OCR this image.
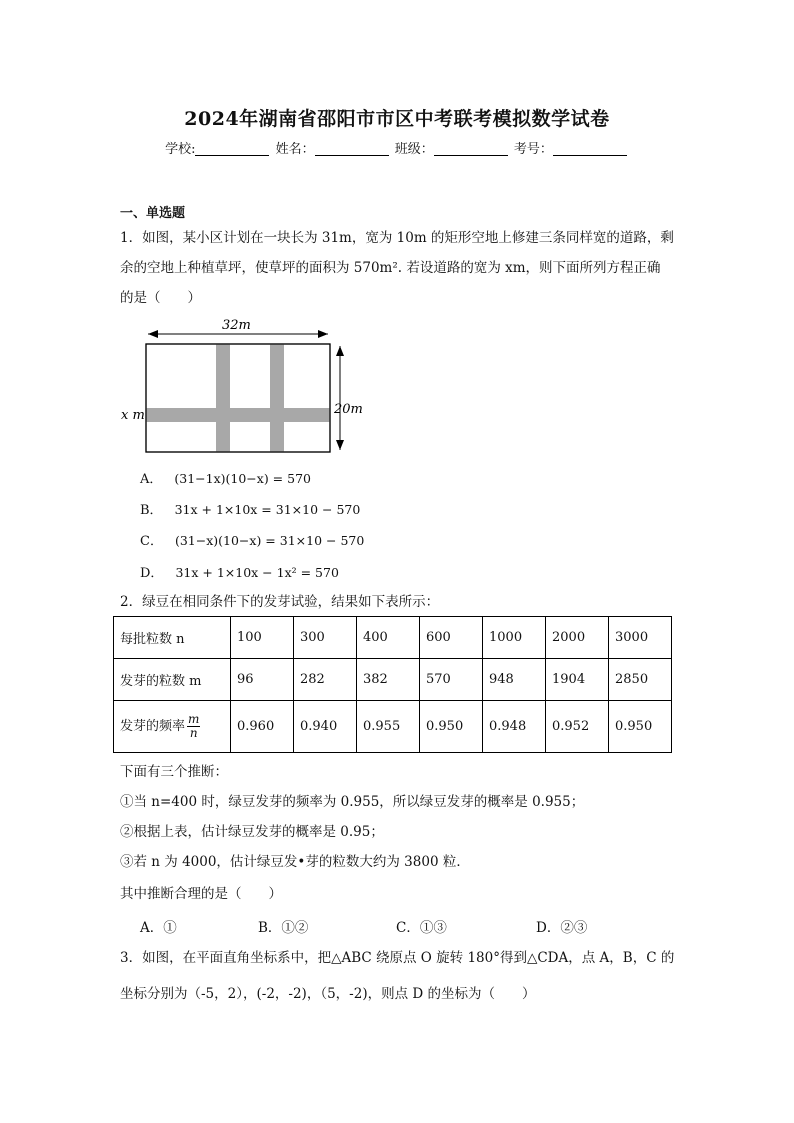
2024年湖南省邵阳市市区中考联考模拟数学试卷
学校:	姓名：	班级：	考号：
一、单选题
1．如图，某小区计划在一块长为 31m，宽为 10m 的矩形空地上修建三条同样宽的道路，剩
余的空地上种植草坪，使草坪的面积为 570m². 若设道路的宽为 xm，则下面所列方程正确
的是（　　）
32m
20m
x m
A． (31−1x)(10−x) = 570
B． 31x + 1×10x = 31×10 − 570
C． (31−x)(10−x) = 31×10 − 570
D． 31x + 1×10x − 1x² = 570
2．绿豆在相同条件下的发芽试验，结果如下表所示：
每批粒数 n	100	300	400	600	1000	2000	3000
发芽的粒数 m	96	282	382	570	948	1904	2850
发芽的频率 $\frac{m}{n}$	0.960	0.940	0.955	0.950	0.948	0.952	0.950
下面有三个推断：
①当 n=400 时，绿豆发芽的频率为 0.955，所以绿豆发芽的概率是 0.955；
②根据上表，估计绿豆发芽的概率是 0.95；
③若 n 为 4000，估计绿豆发•芽的粒数大约为 3800 粒．
其中推断合理的是（　　）
A．①	B．①②	C．①③	D．②③
3．如图，在平面直角坐标系中，把△ABC 绕原点 O 旋转 180°得到△CDA，点 A，B，C 的
坐标分别为（-5，2），(-2，-2)，（5，-2)，则点 D 的坐标为（　　）
